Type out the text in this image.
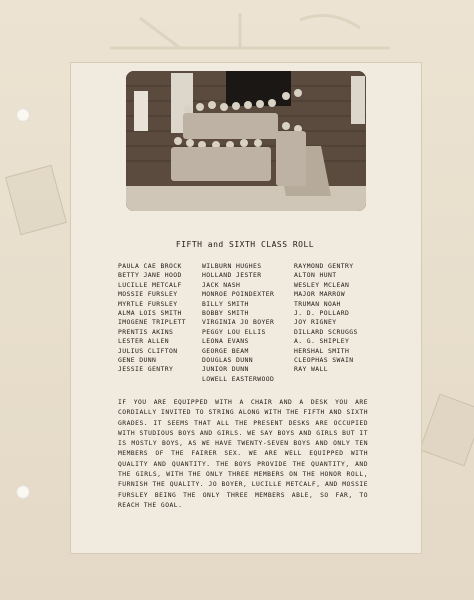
FIFTH and SIXTH CLASS ROLL
PAULA CAE BROCK
BETTY JANE HOOD
LUCILLE METCALF
MOSSIE FURSLEY
MYRTLE FURSLEY
ALMA LOIS SMITH
IMOGENE TRIPLETT
PRENTIS AKINS
LESTER ALLEN
JULIUS CLIFTON
GENE DUNN
JESSIE GENTRY
WILBURN HUGHES
HOLLAND JESTER
JACK NASH
MONROE POINDEXTER
BILLY SMITH
BOBBY SMITH
VIRGINIA JO BOYER
PEGGY LOU ELLIS
LEONA EVANS
GEORGE BEAM
DOUGLAS DUNN
JUNIOR DUNN
LOWELL EASTERWOOD
RAYMOND GENTRY
ALTON HUNT
WESLEY MCLEAN
MAJOR MARROW
TRUMAN NOAH
J. D. POLLARD
JOY RIGNEY
DILLARD SCRUGGS
A. G. SHIPLEY
HERSHAL SMITH
CLEOPHAS SWAIN
RAY WALL
IF YOU ARE EQUIPPED WITH A CHAIR AND A DESK YOU ARE CORDIALLY INVITED TO STRING ALONG WITH THE FIFTH AND SIXTH GRADES. IT SEEMS THAT ALL THE PRESENT DESKS ARE OCCUPIED WITH STUDIOUS BOYS AND GIRLS. WE SAY BOYS AND GIRLS BUT IT IS MOSTLY BOYS, AS WE HAVE TWENTY-SEVEN BOYS AND ONLY TEN MEMBERS OF THE FAIRER SEX. WE ARE WELL EQUIPPED WITH QUALITY AND QUANTITY. THE BOYS PROVIDE THE QUANTITY, AND THE GIRLS, WITH THE ONLY THREE MEMBERS ON THE HONOR ROLL, FURNISH THE QUALITY. JO BOYER, LUCILLE METCALF, AND MOSSIE FURSLEY BEING THE ONLY THREE MEMBERS ABLE, SO FAR, TO REACH THE GOAL.
